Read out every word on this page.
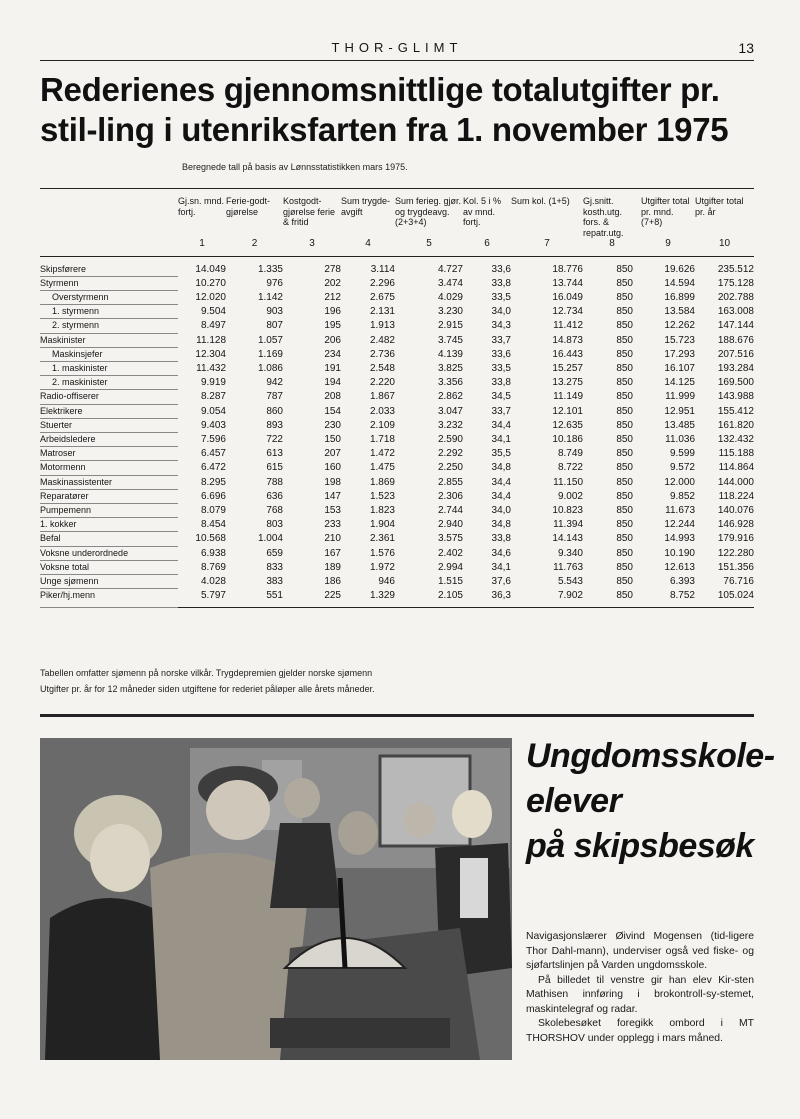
THOR-GLIMT	13
Rederienes gjennomsnittlige totalutgifter pr. stil-ling i utenriksfarten fra 1. november 1975
Beregnede tall på basis av Lønnsstatistikken mars 1975.
	Gj.sn. mnd. fortj.	Ferie-godt-gjørelse	Kostgodt-gjørelse ferie & fritid	Sum trygde-avgift	Sum ferieg. gjør. og trygdeavg. (2+3+4)	Kol. 5 i % av mnd. fortj.	Sum kol. (1+5)	Gj.snitt. kosth.utg. fors. & repatr.utg.	Utgifter total pr. mnd. (7+8)	Utgifter total pr. år
	1	2	3	4	5	6	7	8	9	10
Skipsførere	14.049	1.335	278	3.114	4.727	33,6	18.776	850	19.626	235.512
Styrmenn	10.270	976	202	2.296	3.474	33,8	13.744	850	14.594	175.128
Overstyrmenn	12.020	1.142	212	2.675	4.029	33,5	16.049	850	16.899	202.788
1. styrmenn	9.504	903	196	2.131	3.230	34,0	12.734	850	13.584	163.008
2. styrmenn	8.497	807	195	1.913	2.915	34,3	11.412	850	12.262	147.144
Maskinister	11.128	1.057	206	2.482	3.745	33,7	14.873	850	15.723	188.676
Maskinsjefer	12.304	1.169	234	2.736	4.139	33,6	16.443	850	17.293	207.516
1. maskinister	11.432	1.086	191	2.548	3.825	33,5	15.257	850	16.107	193.284
2. maskinister	9.919	942	194	2.220	3.356	33,8	13.275	850	14.125	169.500
Radio-offiserer	8.287	787	208	1.867	2.862	34,5	11.149	850	11.999	143.988
Elektrikere	9.054	860	154	2.033	3.047	33,7	12.101	850	12.951	155.412
Stuerter	9.403	893	230	2.109	3.232	34,4	12.635	850	13.485	161.820
Arbeidsledere	7.596	722	150	1.718	2.590	34,1	10.186	850	11.036	132.432
Matroser	6.457	613	207	1.472	2.292	35,5	8.749	850	9.599	115.188
Motormenn	6.472	615	160	1.475	2.250	34,8	8.722	850	9.572	114.864
Maskinassistenter	8.295	788	198	1.869	2.855	34,4	11.150	850	12.000	144.000
Reparatører	6.696	636	147	1.523	2.306	34,4	9.002	850	9.852	118.224
Pumpemenn	8.079	768	153	1.823	2.744	34,0	10.823	850	11.673	140.076
1. kokker	8.454	803	233	1.904	2.940	34,8	11.394	850	12.244	146.928
Befal	10.568	1.004	210	2.361	3.575	33,8	14.143	850	14.993	179.916
Voksne underordnede	6.938	659	167	1.576	2.402	34,6	9.340	850	10.190	122.280
Voksne total	8.769	833	189	1.972	2.994	34,1	11.763	850	12.613	151.356
Unge sjømenn	4.028	383	186	946	1.515	37,6	5.543	850	6.393	76.716
Piker/hj.menn	5.797	551	225	1.329	2.105	36,3	7.902	850	8.752	105.024
Tabellen omfatter sjømenn på norske vilkår. Trygdepremien gjelder norske sjømenn
Utgifter pr. år for 12 måneder siden utgiftene for rederiet påløper alle årets måneder.
Ungdomsskole-
elever
på skipsbesøk

Navigasjonslærer Øivind Mogensen (tid-ligere Thor Dahl-mann), underviser også ved fiske- og sjøfartslinjen på Varden ungdomsskole.

På billedet til venstre gir han elev Kir-sten Mathisen innføring i brokontroll-sy-stemet, maskintelegraf og radar.

Skolebesøket foregikk ombord i MT THORSHOV under opplegg i mars måned.
